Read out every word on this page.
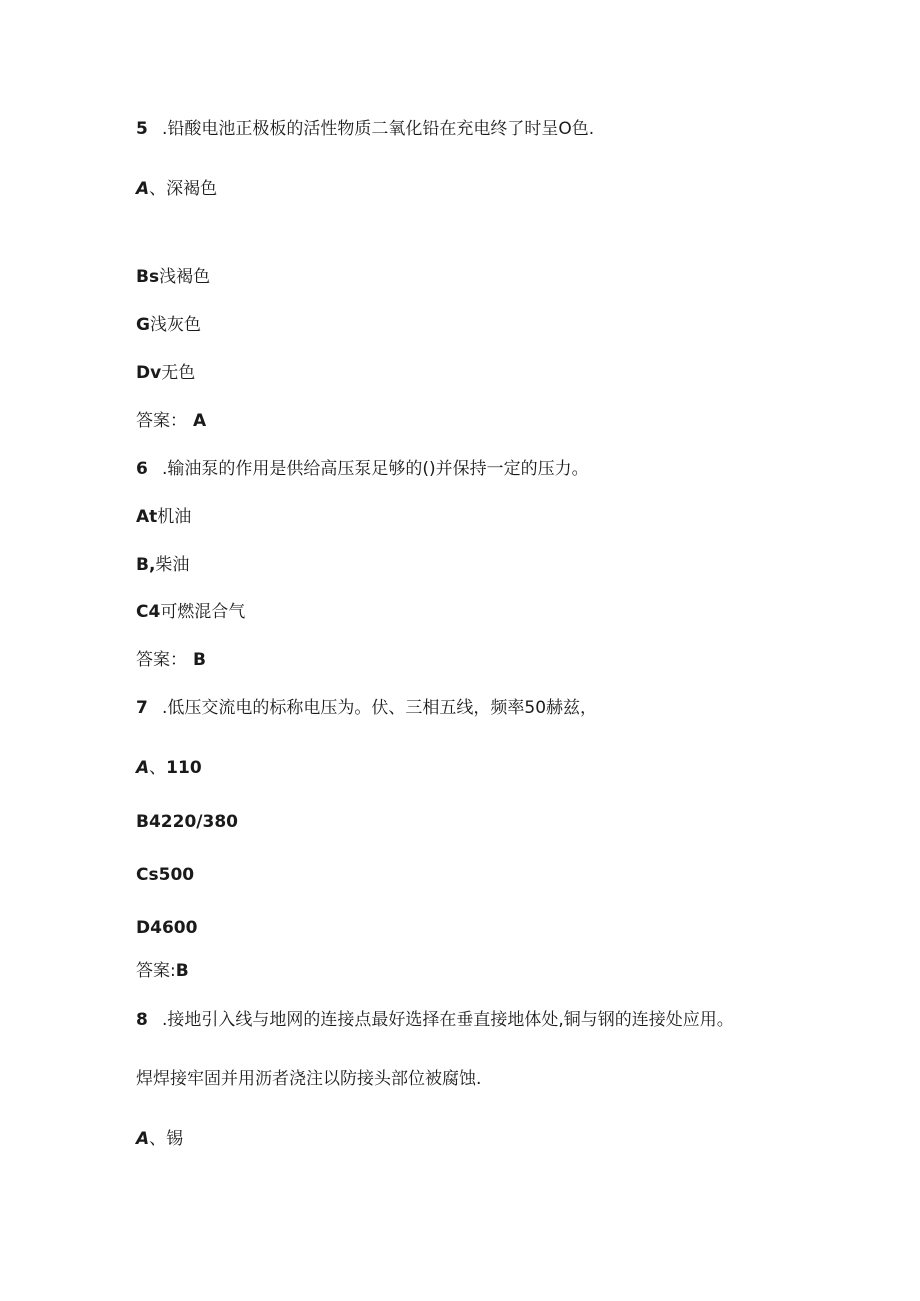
5 .铅酸电池正极板的活性物质二氧化铅在充电终了时呈O色.
A、深褐色
Bs浅褐色
G浅灰色
Dv无色
答案： A
6 .输油泵的作用是供给高压泵足够的()并保持一定的压力。
At机油
B,柴油
C4可燃混合气
答案： B
7 .低压交流电的标称电压为。伏、三相五线，频率50赫兹，
A、110
B4220/380
Cs500
D4600
答案:B
8 .接地引入线与地网的连接点最好选择在垂直接地体处,铜与钢的连接处应用。
焊焊接牢固并用沥者浇注以防接头部位被腐蚀.
A、锡
